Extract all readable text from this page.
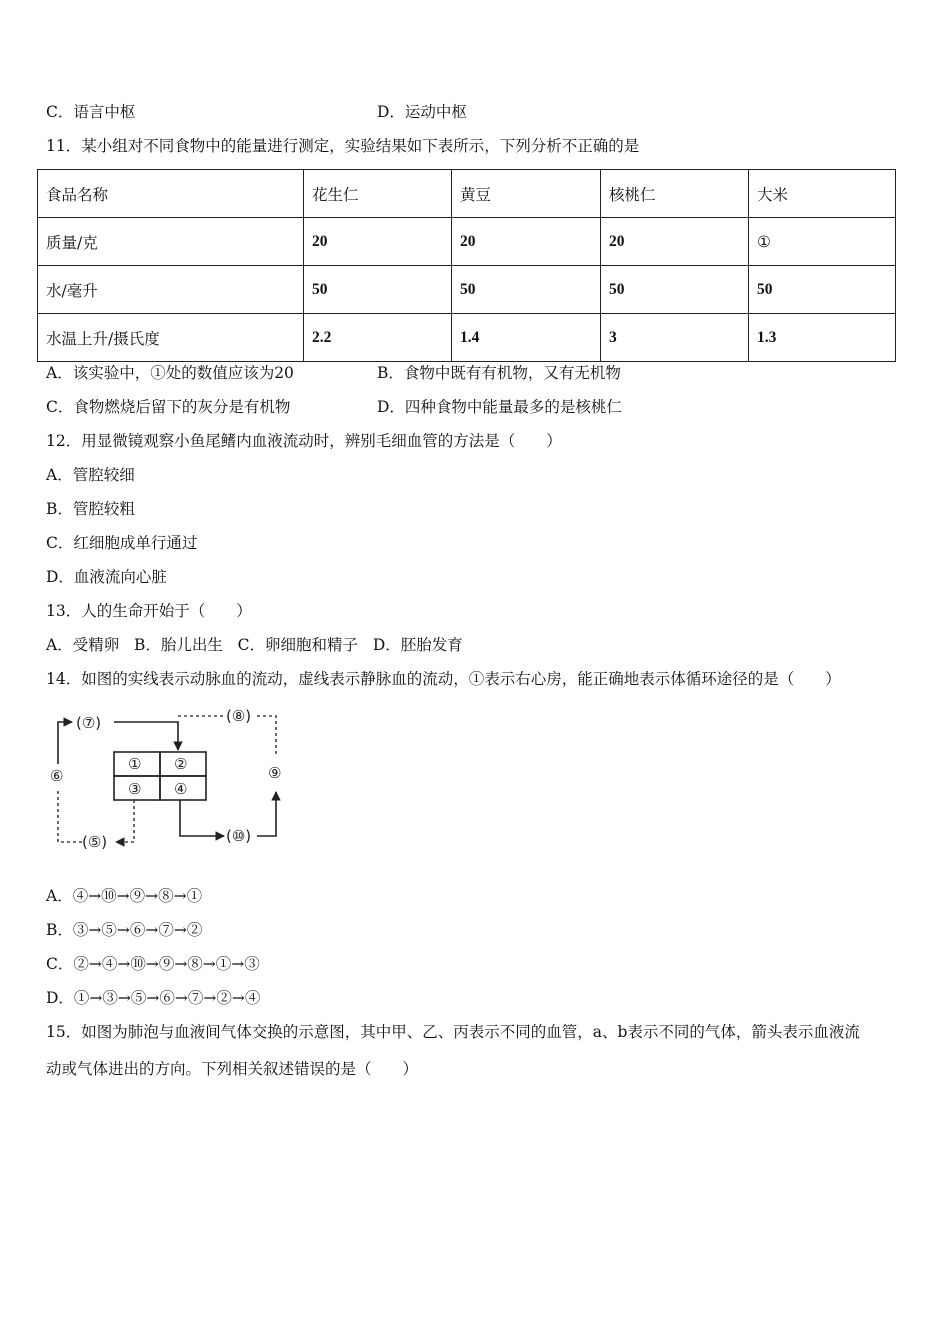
C．语言中枢	D．运动中枢
11．某小组对不同食物中的能量进行测定，实验结果如下表所示，下列分析不正确的是
食品名称	花生仁	黄豆	核桃仁	大米
质量/克	20	20	20	①
水/毫升	50	50	50	50
水温上升/摄氏度	2.2	1.4	3	1.3
A．该实验中，①处的数值应该为20	B．食物中既有有机物，又有无机物
C．食物燃烧后留下的灰分是有机物	D．四种食物中能量最多的是核桃仁
12．用显微镜观察小鱼尾鳍内血液流动时，辨别毛细血管的方法是（　　）
A．管腔较细
B．管腔较粗
C．红细胞成单行通过
D．血液流向心脏
13．人的生命开始于（　　）
A．受精卵 B．胎儿出生 C．卵细胞和精子 D．胚胎发育
14．如图的实线表示动脉血的流动，虚线表示静脉血的流动，①表示右心房，能正确地表示体循环途径的是（　　）
① ②
③ ④
(⑤)
⑥
(⑦)	(⑧)
⑨
(⑩)
A．④→⑩→⑨→⑧→①
B．③→⑤→⑥→⑦→②
C．②→④→⑩→⑨→⑧→①→③
D．①→③→⑤→⑥→⑦→②→④
15．如图为肺泡与血液间气体交换的示意图，其中甲、乙、丙表示不同的血管，a、b表示不同的气体，箭头表示血液流
动或气体进出的方向。下列相关叙述错误的是（　　）
